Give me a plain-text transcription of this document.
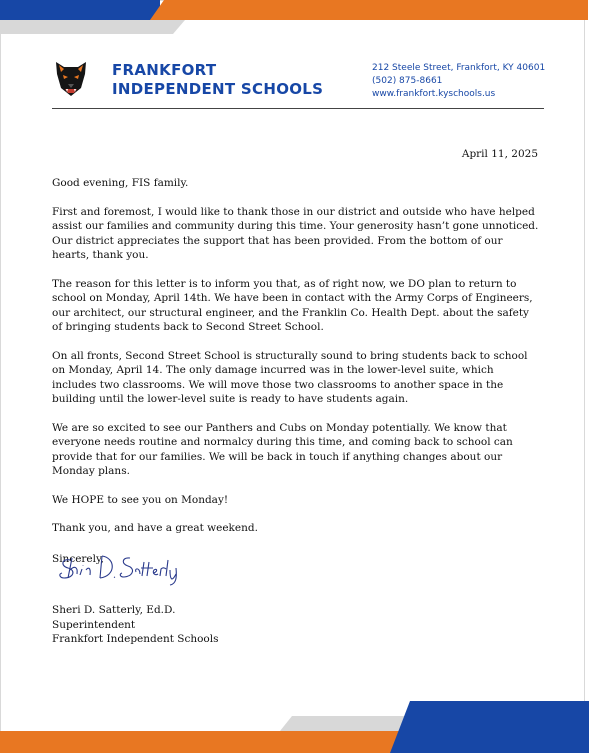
FRANKFORT
INDEPENDENT SCHOOLS
212 Steele Street, Frankfort, KY 40601
(502) 875-8661
www.frankfort.kyschools.us
April 11, 2025

Good evening, FIS family.

First and foremost, I would like to thank those in our district and outside who have helped assist our families and community during this time. Your generosity hasn’t gone unnoticed. Our district appreciates the support that has been provided. From the bottom of our hearts, thank you.

The reason for this letter is to inform you that, as of right now, we DO plan to return to school on Monday, April 14th. We have been in contact with the Army Corps of Engineers, our architect, our structural engineer, and the Franklin Co. Health Dept. about the safety of bringing students back to Second Street School.

On all fronts, Second Street School is structurally sound to bring students back to school on Monday, April 14. The only damage incurred was in the lower-level suite, which includes two classrooms. We will move those two classrooms to another space in the building until the lower-level suite is ready to have students again.

We are so excited to see our Panthers and Cubs on Monday potentially. We know that everyone needs routine and normalcy during this time, and coming back to school can provide that for our families. We will be back in touch if anything changes about our Monday plans.

We HOPE to see you on Monday!

Thank you, and have a great weekend.

Sincerely,

Sheri D. Satterly, Ed.D.
Superintendent
Frankfort Independent Schools
